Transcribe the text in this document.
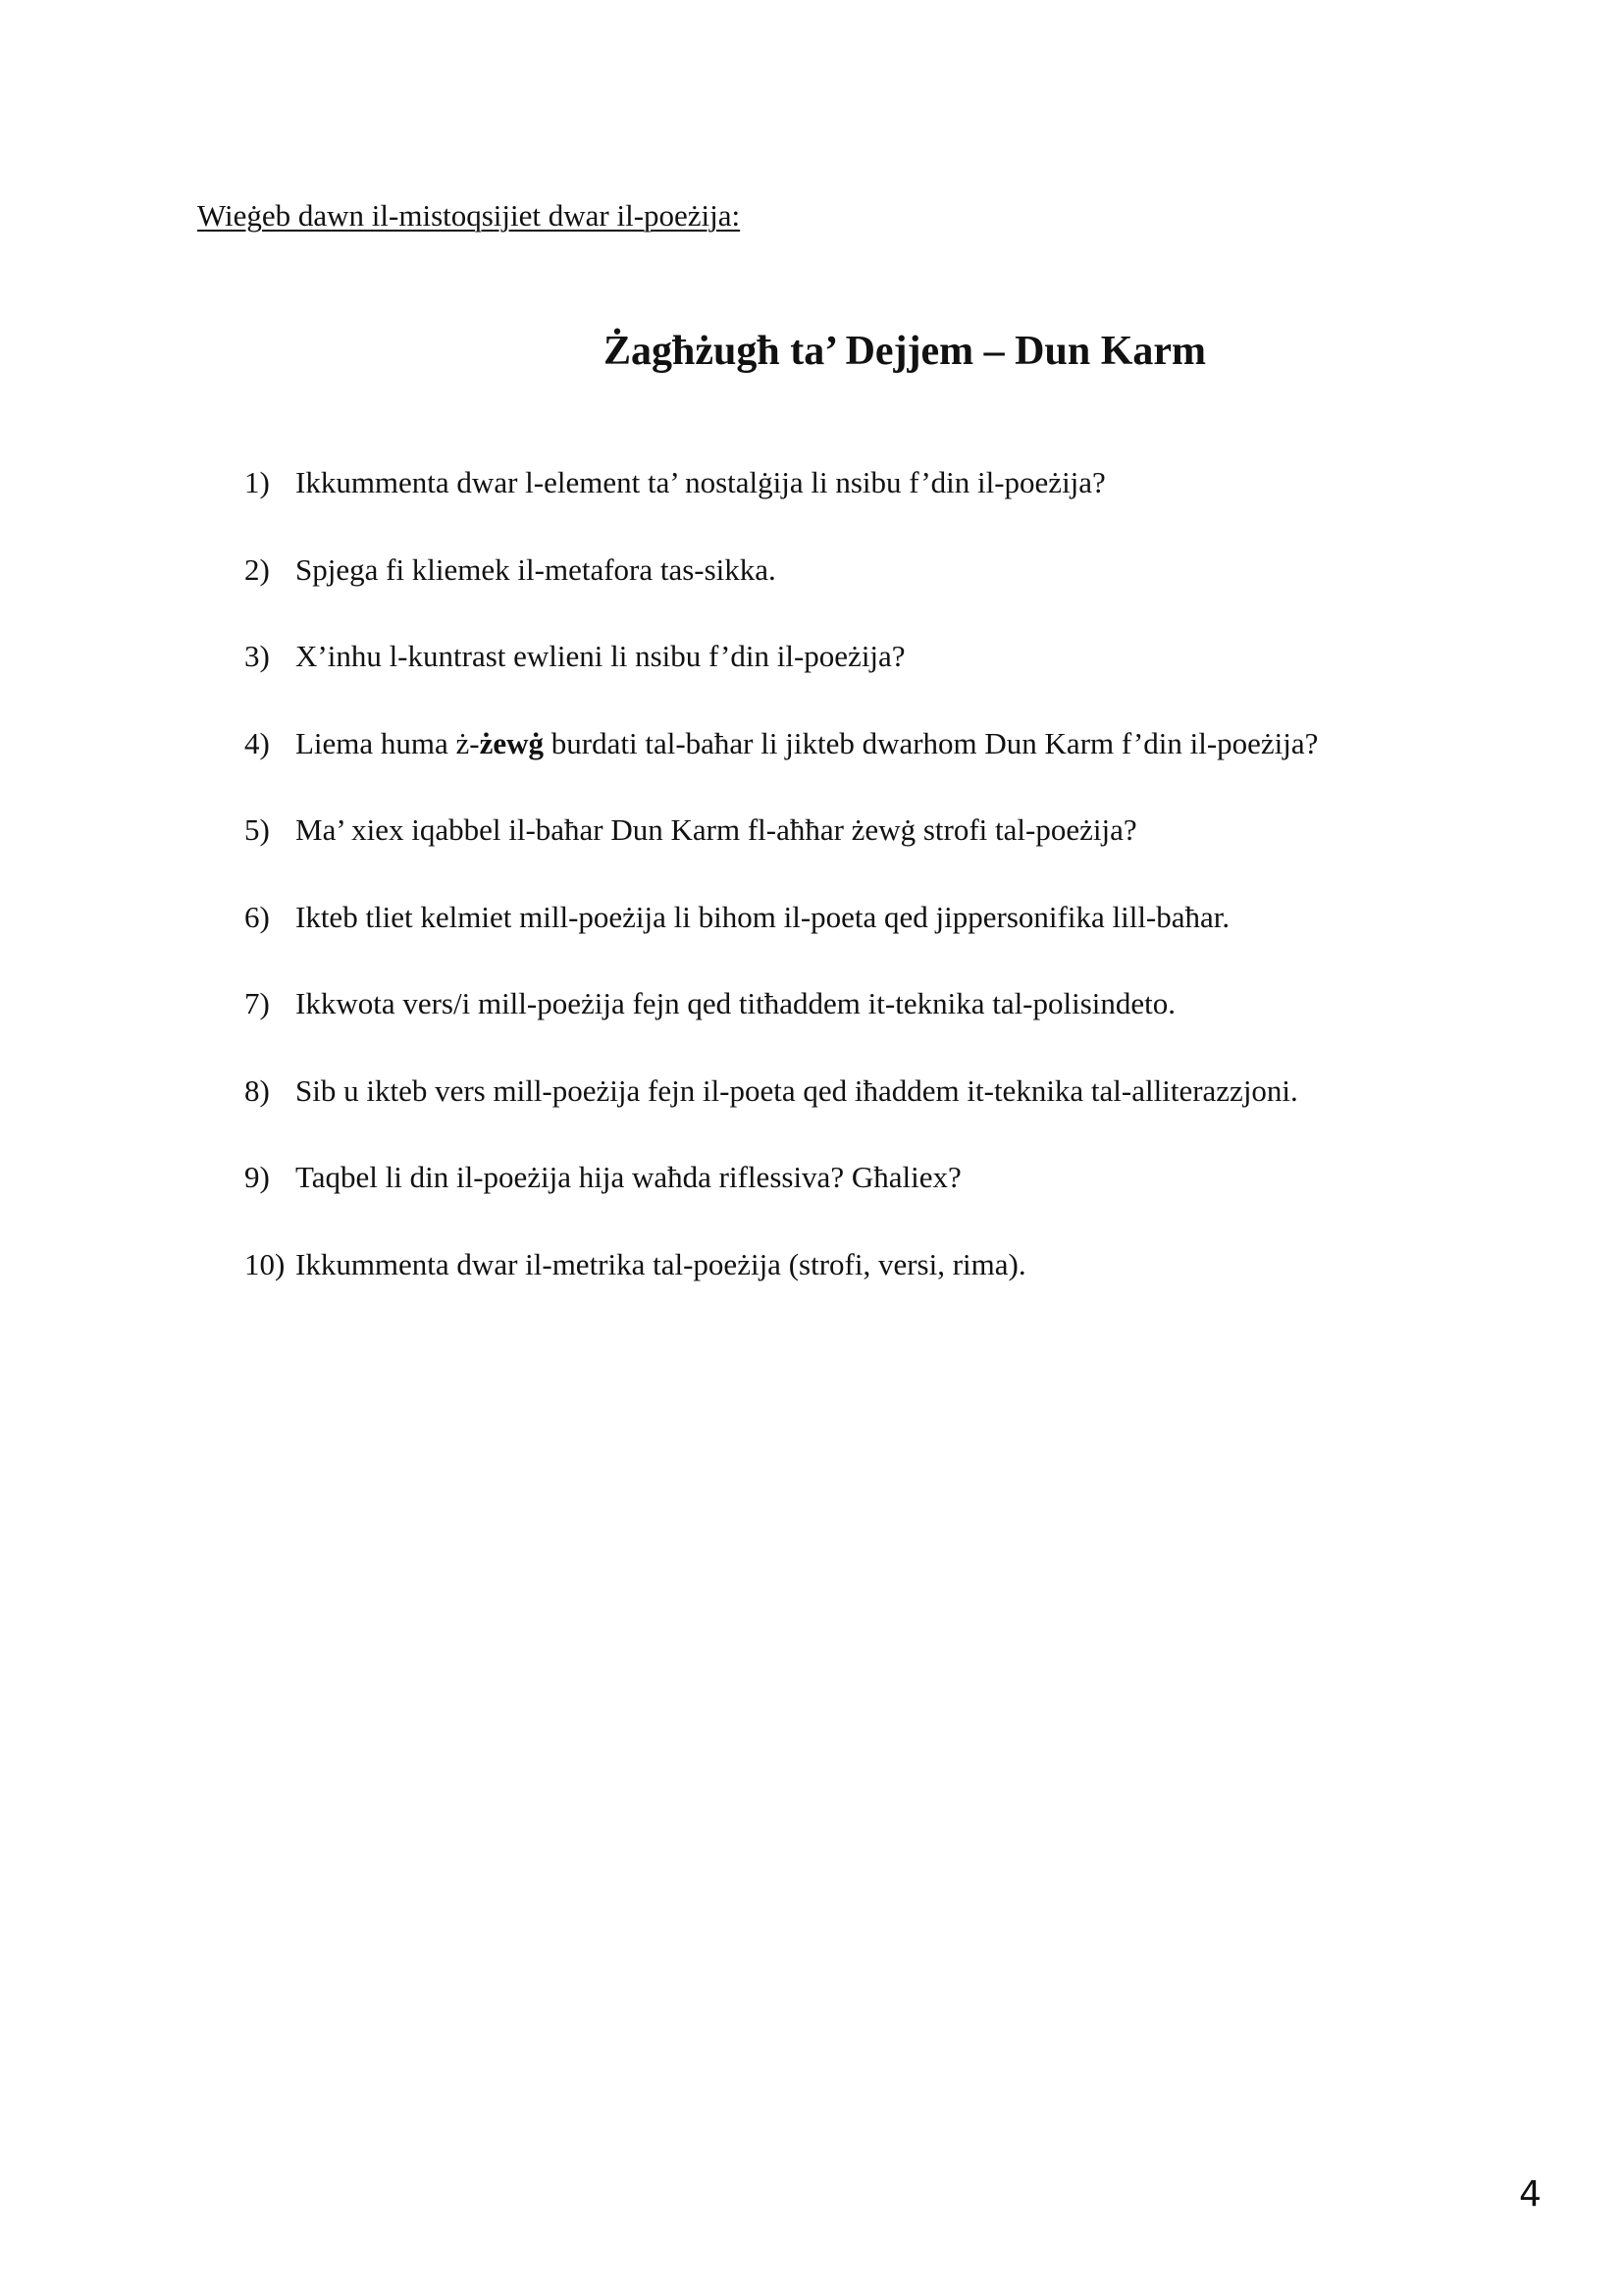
Wieġeb dawn il-mistoqsijiet dwar il-poeżija:

Żagħżugħ ta’ Dejjem – Dun Karm
1) Ikkummenta dwar l-element ta’ nostalġija li nsibu f’din il-poeżija?
2) Spjega fi kliemek il-metafora tas-sikka.
3) X’inhu l-kuntrast ewlieni li nsibu f’din il-poeżija?
4) Liema huma ż-żewġ burdati tal-baħar li jikteb dwarhom Dun Karm f’din il-poeżija?
5) Ma’ xiex iqabbel il-baħar Dun Karm fl-aħħar żewġ strofi tal-poeżija?
6) Ikteb tliet kelmiet mill-poeżija li bihom il-poeta qed jippersonifika lill-baħar.
7) Ikkwota vers/i mill-poeżija fejn qed titħaddem it-teknika tal-polisindeto.
8) Sib u ikteb vers mill-poeżija fejn il-poeta qed iħaddem it-teknika tal-alliterazzjoni.
9) Taqbel li din il-poeżija hija waħda riflessiva? Għaliex?
10) Ikkummenta dwar il-metrika tal-poeżija (strofi, versi, rima).

4
